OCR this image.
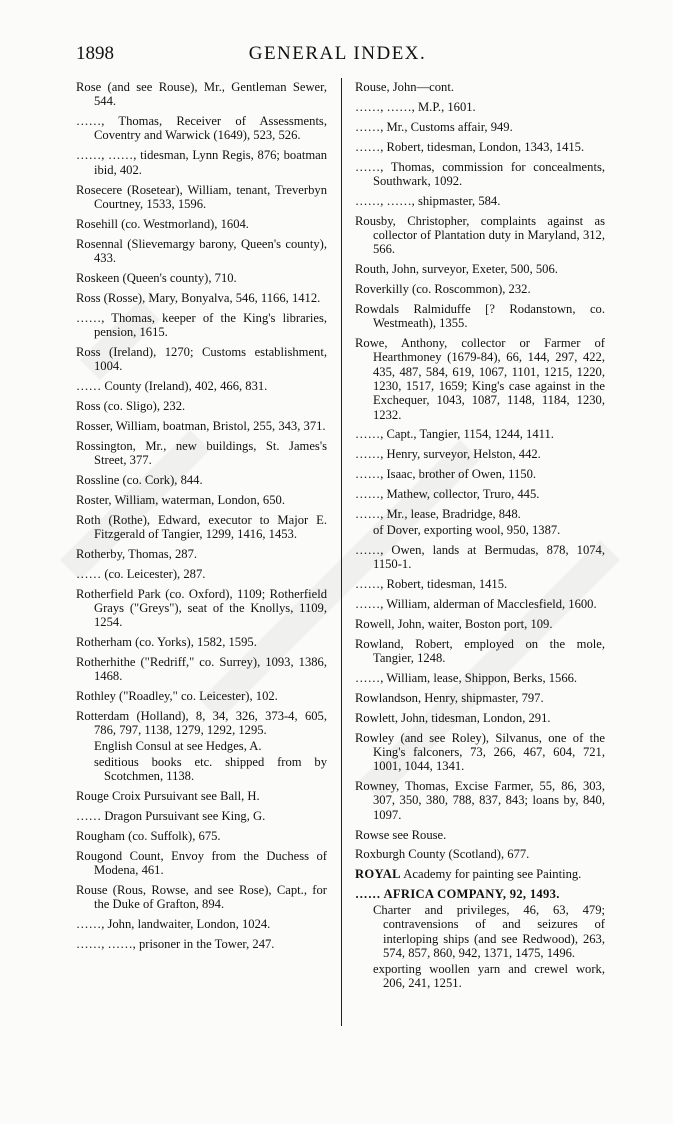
1898	GENERAL INDEX.

Rose (and see Rouse), Mr., Gentleman Sewer, 544.

……, Thomas, Receiver of Assessments, Coventry and Warwick (1649), 523, 526.

……, ……, tidesman, Lynn Regis, 876; boatman ibid, 402.

Rosecere (Rosetear), William, tenant, Treverbyn Courtney, 1533, 1596.

Rosehill (co. Westmorland), 1604.

Rosennal (Slievemargy barony, Queen's county), 433.

Roskeen (Queen's county), 710.

Ross (Rosse), Mary, Bonyalva, 546, 1166, 1412.

……, Thomas, keeper of the King's libraries, pension, 1615.

Ross (Ireland), 1270; Customs establishment, 1004.

…… County (Ireland), 402, 466, 831.

Ross (co. Sligo), 232.

Rosser, William, boatman, Bristol, 255, 343, 371.

Rossington, Mr., new buildings, St. James's Street, 377.

Rossline (co. Cork), 844.

Roster, William, waterman, London, 650.

Roth (Rothe), Edward, executor to Major E. Fitzgerald of Tangier, 1299, 1416, 1453.

Rotherby, Thomas, 287.

…… (co. Leicester), 287.

Rotherfield Park (co. Oxford), 1109; Rotherfield Grays ("Greys"), seat of the Knollys, 1109, 1254.

Rotherham (co. Yorks), 1582, 1595.

Rotherhithe ("Redriff," co. Surrey), 1093, 1386, 1468.

Rothley ("Roadley," co. Leicester), 102.

Rotterdam (Holland), 8, 34, 326, 373-4, 605, 786, 797, 1138, 1279, 1292, 1295.

English Consul at see Hedges, A.

seditious books etc. shipped from by Scotchmen, 1138.

Rouge Croix Pursuivant see Ball, H.

…… Dragon Pursuivant see King, G.

Rougham (co. Suffolk), 675.

Rougond Count, Envoy from the Duchess of Modena, 461.

Rouse (Rous, Rowse, and see Rose), Capt., for the Duke of Grafton, 894.

……, John, landwaiter, London, 1024.

……, ……, prisoner in the Tower, 247.

Rouse, John—cont.

……, ……, M.P., 1601.

……, Mr., Customs affair, 949.

……, Robert, tidesman, London, 1343, 1415.

……, Thomas, commission for concealments, Southwark, 1092.

……, ……, shipmaster, 584.

Rousby, Christopher, complaints against as collector of Plantation duty in Maryland, 312, 566.

Routh, John, surveyor, Exeter, 500, 506.

Roverkilly (co. Roscommon), 232.

Rowdals Ralmiduffe [? Rodanstown, co. Westmeath), 1355.

Rowe, Anthony, collector or Farmer of Hearthmoney (1679-84), 66, 144, 297, 422, 435, 487, 584, 619, 1067, 1101, 1215, 1220, 1230, 1517, 1659; King's case against in the Exchequer, 1043, 1087, 1148, 1184, 1230, 1232.

……, Capt., Tangier, 1154, 1244, 1411.

……, Henry, surveyor, Helston, 442.

……, Isaac, brother of Owen, 1150.

……, Mathew, collector, Truro, 445.

……, Mr., lease, Bradridge, 848.

of Dover, exporting wool, 950, 1387.

……, Owen, lands at Bermudas, 878, 1074, 1150-1.

……, Robert, tidesman, 1415.

……, William, alderman of Macclesfield, 1600.

Rowell, John, waiter, Boston port, 109.

Rowland, Robert, employed on the mole, Tangier, 1248.

……, William, lease, Shippon, Berks, 1566.

Rowlandson, Henry, shipmaster, 797.

Rowlett, John, tidesman, London, 291.

Rowley (and see Roley), Silvanus, one of the King's falconers, 73, 266, 467, 604, 721, 1001, 1044, 1341.

Rowney, Thomas, Excise Farmer, 55, 86, 303, 307, 350, 380, 788, 837, 843; loans by, 840, 1097.

Rowse see Rouse.

Roxburgh County (Scotland), 677.

ROYAL Academy for painting see Painting.

…… AFRICA COMPANY, 92, 1493.

Charter and privileges, 46, 63, 479; contravensions of and seizures of interloping ships (and see Redwood), 263, 574, 857, 860, 942, 1371, 1475, 1496.

exporting woollen yarn and crewel work, 206, 241, 1251.
